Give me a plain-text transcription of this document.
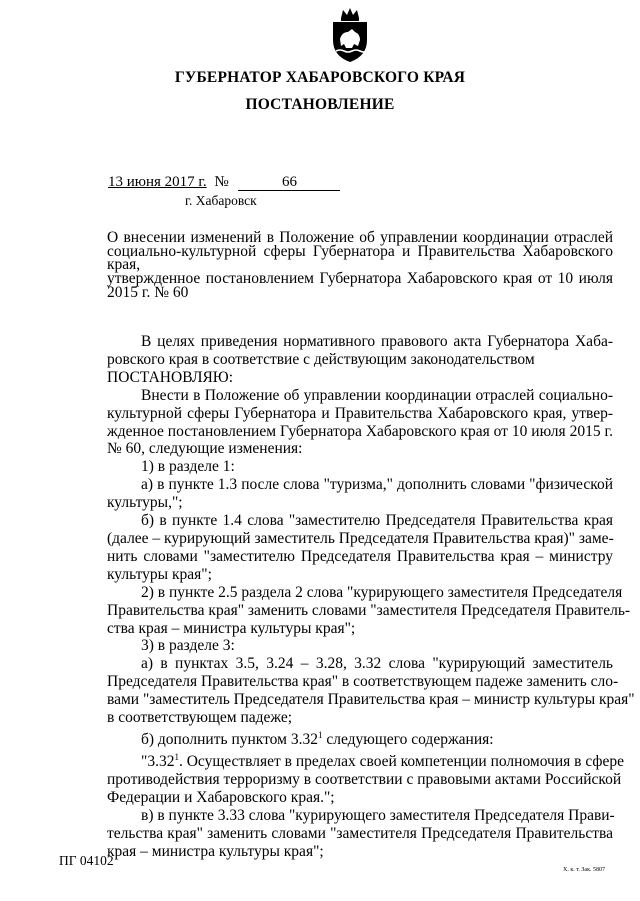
ГУБЕРНАТОР ХАБАРОВСКОГО КРАЯ
ПОСТАНОВЛЕНИЕ
13 июня 2017 г. №	66
г. Хабаровск
О внесении изменений в Положение об управлении координации отраслей
социально-культурной сферы Губернатора и Правительства Хабаровского края,
утвержденное постановлением Губернатора Хабаровского края от 10 июля
2015 г. № 60
В целях приведения нормативного правового акта Губернатора Хаба-
ровского края в соответствие с действующим законодательством
ПОСТАНОВЛЯЮ:
Внести в Положение об управлении координации отраслей социально-
культурной сферы Губернатора и Правительства Хабаровского края, утвер-
жденное постановлением Губернатора Хабаровского края от 10 июля 2015 г.
№ 60, следующие изменения:
1) в разделе 1:
а) в пункте 1.3 после слова "туризма," дополнить словами "физической
культуры,";
б) в пункте 1.4 слова "заместителю Председателя Правительства края
(далее – курирующий заместитель Председателя Правительства края)" заме-
нить словами "заместителю Председателя Правительства края – министру
культуры края";
2) в пункте 2.5 раздела 2 слова "курирующего заместителя Председателя
Правительства края" заменить словами "заместителя Председателя Правитель-
ства края – министра культуры края";
3) в разделе 3:
а) в пунктах 3.5, 3.24 – 3.28, 3.32 слова "курирующий заместитель
Председателя Правительства края" в соответствующем падеже заменить сло-
вами "заместитель Председателя Правительства края – министр культуры края"
в соответствующем падеже;
б) дополнить пунктом 3.32$^1$ следующего содержания:
"3.32$^1$. Осуществляет в пределах своей компетенции полномочия в сфере
противодействия терроризму в соответствии с правовыми актами Российской
Федерации и Хабаровского края.";
в) в пункте 3.33 слова "курирующего заместителя Председателя Прави-
тельства края" заменить словами "заместителя Председателя Правительства
края – министра культуры края";
ПГ 04102
Х. к. т. Зак. 5807
